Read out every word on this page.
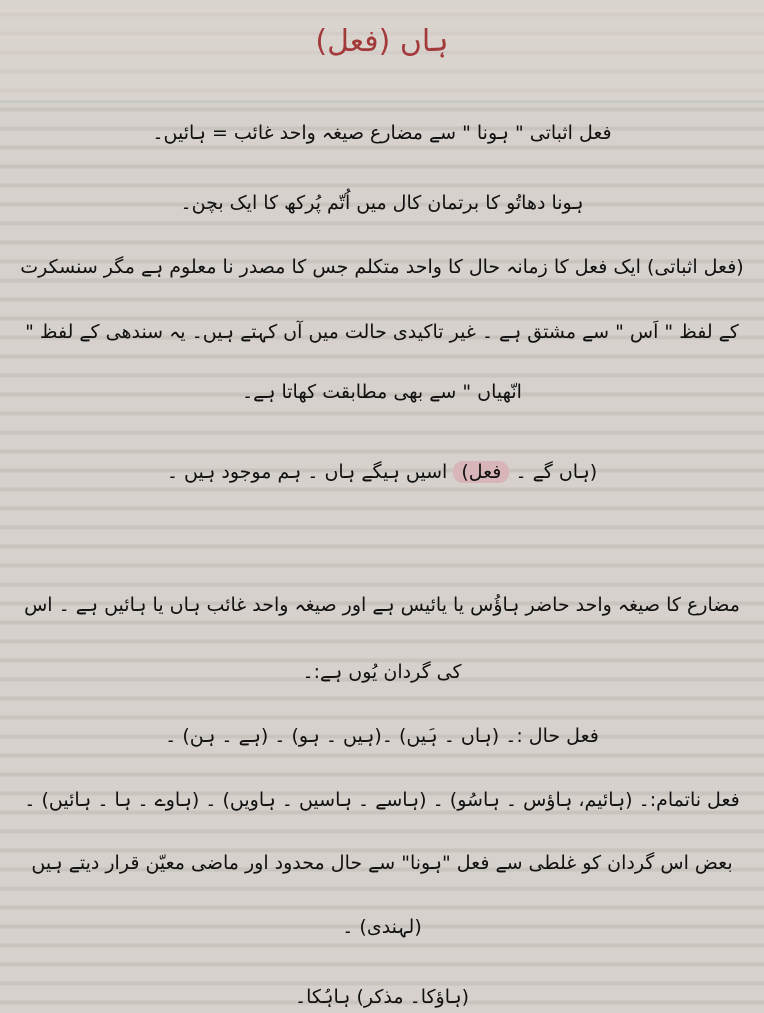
ہاں (فعل)
فعل اثباتی " ہونا " سے مضارع صیغہ واحد غائب = ہائیں۔
ہونا دھاتُو کا برتمان کال میں اُتّم پُرکھ کا ایک بچن۔
(فعل اثباتی) ایک فعل کا زمانہ حال کا واحد متکلم جس کا مصدر نا معلوم ہے مگر سنسکرت
کے لفظ " اَس " سے مشتق ہے ۔ غیر تاکیدی حالت میں آں کہتے ہیں۔ یہ سندھی کے لفظ "
انّھیاں " سے بھی مطابقت کھاتا ہے۔
(ہاں گے ۔ فعل) اسیں ہیگے ہاں ۔ ہم موجود ہیں ۔
مضارع کا صیغہ واحد حاضر ہاؤُس یا یائیس ہے اور صیغہ واحد غائب ہاں یا ہائیں ہے ۔ اس
کی گردان یُوں ہے:۔
فعل حال :۔ (ہاں ۔ ہَیں) ۔(ہیں ۔ ہو) ۔ (ہے ۔ ہن) ۔
فعل ناتمام:۔ (ہائیم، ہاؤس ۔ ہاسُو) ۔ (ہاسے ۔ ہاسیں ۔ ہاویں) ۔ (ہاوے ۔ ہا ۔ ہائیں) ۔
بعض اس گردان کو غلطی سے فعل "ہونا" سے حال محدود اور ماضی معیّن قرار دیتے ہیں
(لہندی) ۔
(ہاؤکا۔ مذکر) ہاہُکا۔
